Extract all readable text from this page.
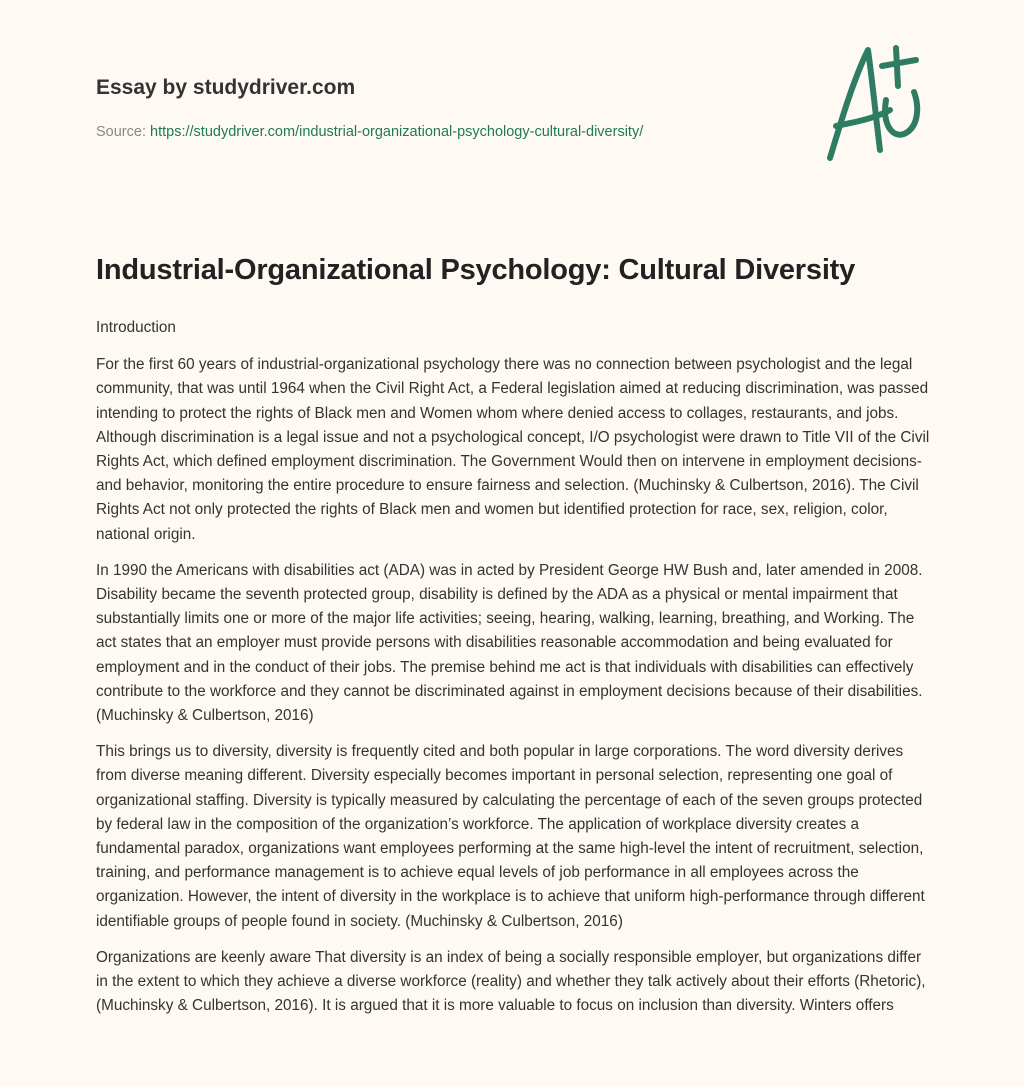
Essay by studydriver.com
Source: https://studydriver.com/industrial-organizational-psychology-cultural-diversity/
Industrial-Organizational Psychology: Cultural Diversity

Introduction

For the first 60 years of industrial-organizational psychology there was no connection between psychologist and the legal community, that was until 1964 when the Civil Right Act, a Federal legislation aimed at reducing discrimination, was passed intending to protect the rights of Black men and Women whom where denied access to collages, restaurants, and jobs. Although discrimination is a legal issue and not a psychological concept, I/O psychologist were drawn to Title VII of the Civil Rights Act, which defined employment discrimination. The Government Would then on intervene in employment decisions-and behavior, monitoring the entire procedure to ensure fairness and selection. (Muchinsky & Culbertson, 2016). The Civil Rights Act not only protected the rights of Black men and women but identified protection for race, sex, religion, color, national origin.

In 1990 the Americans with disabilities act (ADA) was in acted by President George HW Bush and, later amended in 2008. Disability became the seventh protected group, disability is defined by the ADA as a physical or mental impairment that substantially limits one or more of the major life activities; seeing, hearing, walking, learning, breathing, and Working. The act states that an employer must provide persons with disabilities reasonable accommodation and being evaluated for employment and in the conduct of their jobs. The premise behind me act is that individuals with disabilities can effectively contribute to the workforce and they cannot be discriminated against in employment decisions because of their disabilities. (Muchinsky & Culbertson, 2016)

This brings us to diversity, diversity is frequently cited and both popular in large corporations. The word diversity derives from diverse meaning different. Diversity especially becomes important in personal selection, representing one goal of organizational staffing. Diversity is typically measured by calculating the percentage of each of the seven groups protected by federal law in the composition of the organization’s workforce. The application of workplace diversity creates a fundamental paradox, organizations want employees performing at the same high-level the intent of recruitment, selection, training, and performance management is to achieve equal levels of job performance in all employees across the organization. However, the intent of diversity in the workplace is to achieve that uniform high-performance through different identifiable groups of people found in society. (Muchinsky & Culbertson, 2016)

Organizations are keenly aware That diversity is an index of being a socially responsible employer, but organizations differ in the extent to which they achieve a diverse workforce (reality) and whether they talk actively about their efforts (Rhetoric), (Muchinsky & Culbertson, 2016). It is argued that it is more valuable to focus on inclusion than diversity. Winters offers
